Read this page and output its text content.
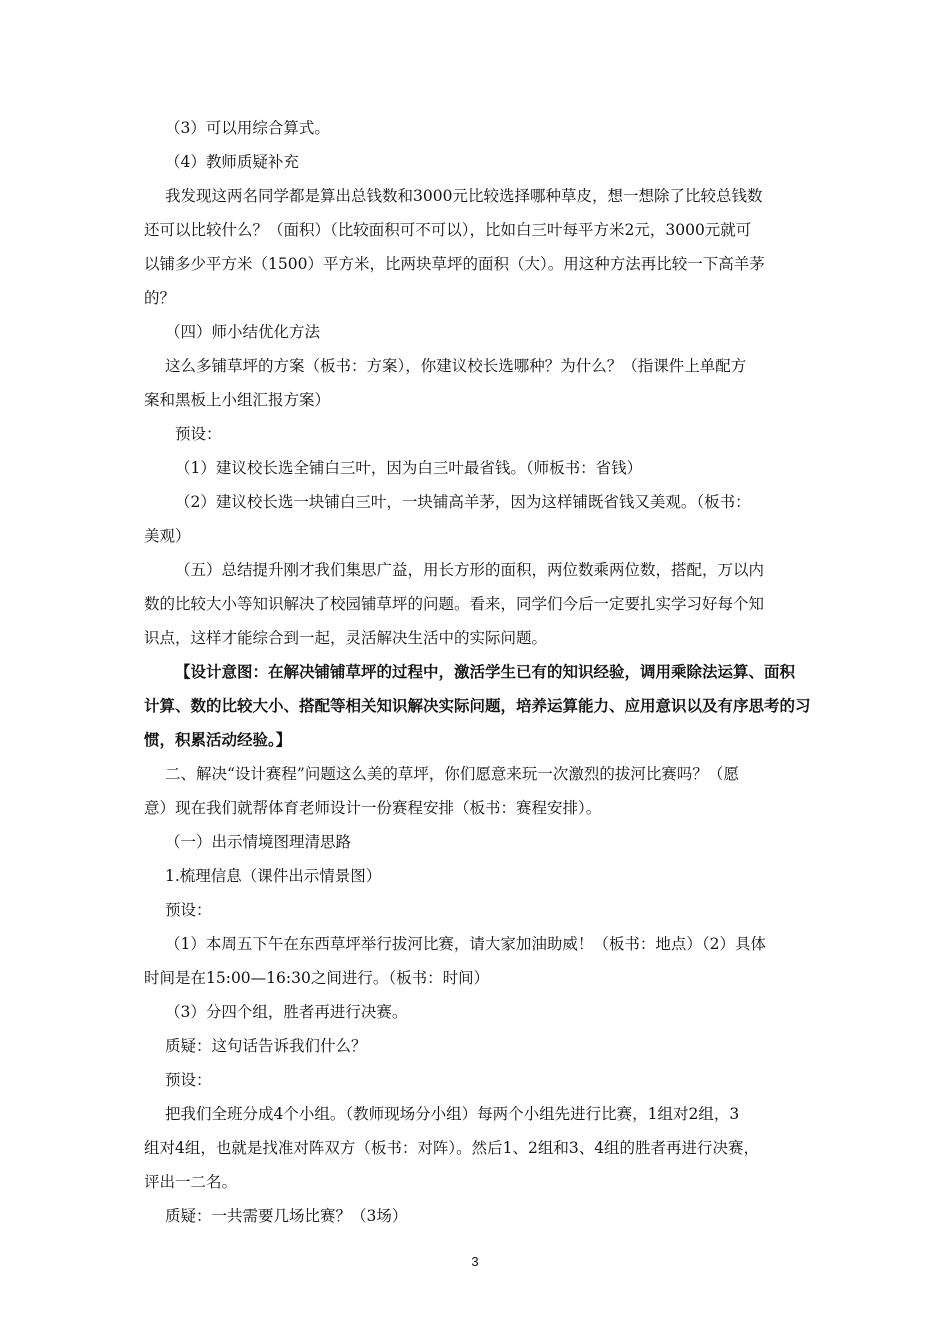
（3）可以用综合算式。
（4）教师质疑补充
我发现这两名同学都是算出总钱数和3000元比较选择哪种草皮，想一想除了比较总钱数
还可以比较什么？（面积）（比较面积可不可以），比如白三叶每平方米2元，3000元就可
以铺多少平方米（1500）平方米，比两块草坪的面积（大）。用这种方法再比较一下高羊茅
的？
（四）师小结优化方法
这么多铺草坪的方案（板书：方案），你建议校长选哪种？为什么？（指课件上单配方
案和黑板上小组汇报方案）
预设：
（1）建议校长选全铺白三叶，因为白三叶最省钱。（师板书：省钱）
（2）建议校长选一块铺白三叶，一块铺高羊茅，因为这样铺既省钱又美观。（板书：
美观）
（五）总结提升刚才我们集思广益，用长方形的面积，两位数乘两位数，搭配，万以内
数的比较大小等知识解决了校园铺草坪的问题。看来，同学们今后一定要扎实学习好每个知
识点，这样才能综合到一起，灵活解决生活中的实际问题。
【设计意图：在解决铺铺草坪的过程中，激活学生已有的知识经验，调用乘除法运算、面积
计算、数的比较大小、搭配等相关知识解决实际问题，培养运算能力、应用意识以及有序思考的习
惯，积累活动经验。】
二、解决“设计赛程”问题这么美的草坪，你们愿意来玩一次激烈的拔河比赛吗？（愿
意）现在我们就帮体育老师设计一份赛程安排（板书：赛程安排）。
（一）出示情境图理清思路
1.梳理信息（课件出示情景图）
预设：
（1）本周五下午在东西草坪举行拔河比赛，请大家加油助威！（板书：地点）（2）具体
时间是在15:00—16:30之间进行。（板书：时间）
（3）分四个组，胜者再进行决赛。
质疑：这句话告诉我们什么？
预设：
把我们全班分成4个小组。（教师现场分小组）每两个小组先进行比赛，1组对2组，3
组对4组，也就是找准对阵双方（板书：对阵）。然后1、2组和3、4组的胜者再进行决赛，
评出一二名。
质疑：一共需要几场比赛？（3场）
3
